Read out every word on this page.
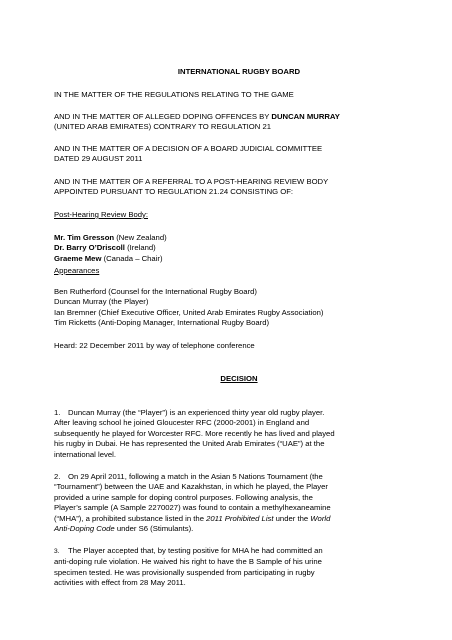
INTERNATIONAL RUGBY BOARD

IN THE MATTER OF THE REGULATIONS RELATING TO THE GAME

AND IN THE MATTER OF ALLEGED DOPING OFFENCES BY DUNCAN MURRAY
(UNITED ARAB EMIRATES) CONTRARY TO REGULATION 21

AND IN THE MATTER OF A DECISION OF A BOARD JUDICIAL COMMITTEE
DATED 29 AUGUST 2011

AND IN THE MATTER OF A REFERRAL TO A POST-HEARING REVIEW BODY
APPOINTED PURSUANT TO REGULATION 21.24 CONSISTING OF:

Post-Hearing Review Body:

Mr. Tim Gresson (New Zealand)
Dr. Barry O’Driscoll (Ireland)
Graeme Mew (Canada – Chair)

Appearances

Ben Rutherford (Counsel for the International Rugby Board)
Duncan Murray (the Player)
Ian Bremner (Chief Executive Officer, United Arab Emirates Rugby Association)
Tim Ricketts (Anti-Doping Manager, International Rugby Board)

Heard: 22 December 2011 by way of telephone conference

DECISION

1. Duncan Murray (the “Player”) is an experienced thirty year old rugby player.
After leaving school he joined Gloucester RFC (2000-2001) in England and
subsequently he played for Worcester RFC. More recently he has lived and played
his rugby in Dubai. He has represented the United Arab Emirates (“UAE”) at the
international level.

2. On 29 April 2011, following a match in the Asian 5 Nations Tournament (the
“Tournament”) between the UAE and Kazakhstan, in which he played, the Player
provided a urine sample for doping control purposes. Following analysis, the
Player’s sample (A Sample 2270027) was found to contain a methylhexaneamine
(“MHA”), a prohibited substance listed in the 2011 Prohibited List under the World
Anti-Doping Code under S6 (Stimulants).

3. The Player accepted that, by testing positive for MHA he had committed an
anti-doping rule violation. He waived his right to have the B Sample of his urine
specimen tested. He was provisionally suspended from participating in rugby
activities with effect from 28 May 2011.
